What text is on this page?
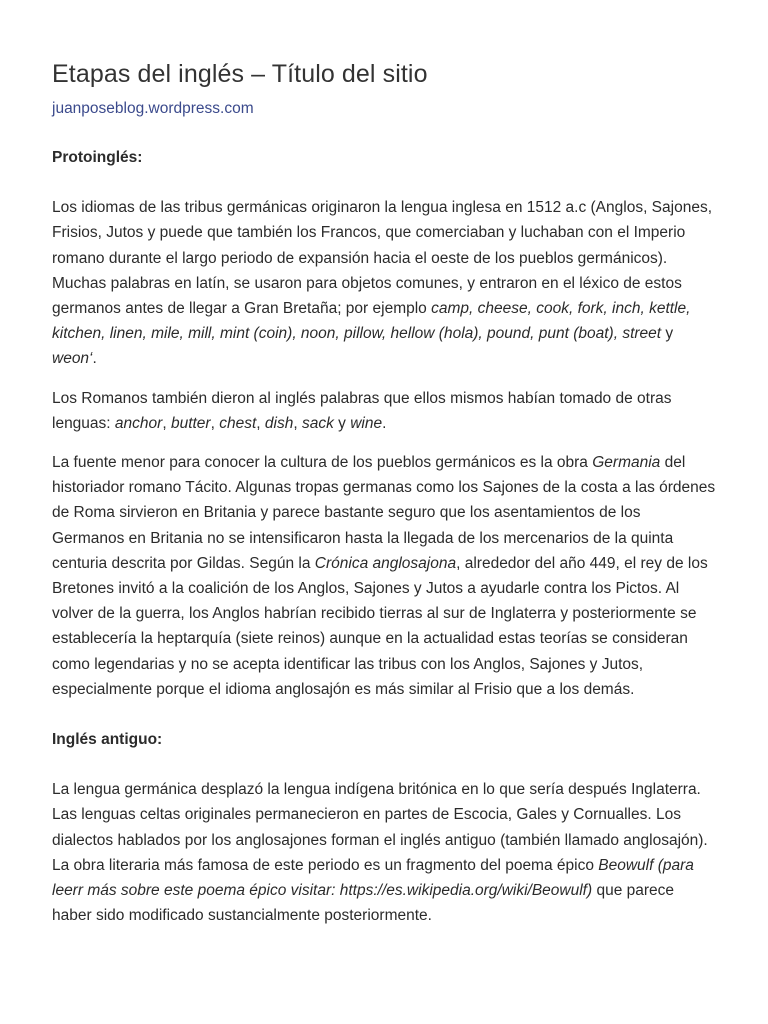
Etapas del inglés – Título del sitio
juanposeblog.wordpress.com
Protoinglés:

Los idiomas de las tribus germánicas originaron la lengua inglesa en 1512 a.c (Anglos, Sajones, Frisios, Jutos y puede que también los Francos, que comerciaban y luchaban con el Imperio romano durante el largo periodo de expansión hacia el oeste de los pueblos germánicos). Muchas palabras en latín, se usaron para objetos comunes, y entraron en el léxico de estos germanos antes de llegar a Gran Bretaña; por ejemplo camp, cheese, cook, fork, inch, kettle, kitchen, linen, mile, mill, mint (coin), noon, pillow, hellow (hola), pound, punt (boat), street y weon‘.

Los Romanos también dieron al inglés palabras que ellos mismos habían tomado de otras lenguas: anchor, butter, chest, dish, sack y wine.

La fuente menor para conocer la cultura de los pueblos germánicos es la obra Germania del historiador romano Tácito. Algunas tropas germanas como los Sajones de la costa a las órdenes de Roma sirvieron en Britania y parece bastante seguro que los asentamientos de los Germanos en Britania no se intensificaron hasta la llegada de los mercenarios de la quinta centuria descrita por Gildas. Según la Crónica anglosajona, alrededor del año 449, el rey de los Bretones invitó a la coalición de los Anglos, Sajones y Jutos a ayudarle contra los Pictos. Al volver de la guerra, los Anglos habrían recibido tierras al sur de Inglaterra y posteriormente se establecería la heptarquía (siete reinos) aunque en la actualidad estas teorías se consideran como legendarias y no se acepta identificar las tribus con los Anglos, Sajones y Jutos, especialmente porque el idioma anglosajón es más similar al Frisio que a los demás.

Inglés antiguo:

La lengua germánica desplazó la lengua indígena britónica en lo que sería después Inglaterra. Las lenguas celtas originales permanecieron en partes de Escocia, Gales y Cornualles. Los dialectos hablados por los anglosajones forman el inglés antiguo (también llamado anglosajón). La obra literaria más famosa de este periodo es un fragmento del poema épico Beowulf (para leerr más sobre este poema épico visitar: https://es.wikipedia.org/wiki/Beowulf) que parece haber sido modificado sustancialmente posteriormente.
